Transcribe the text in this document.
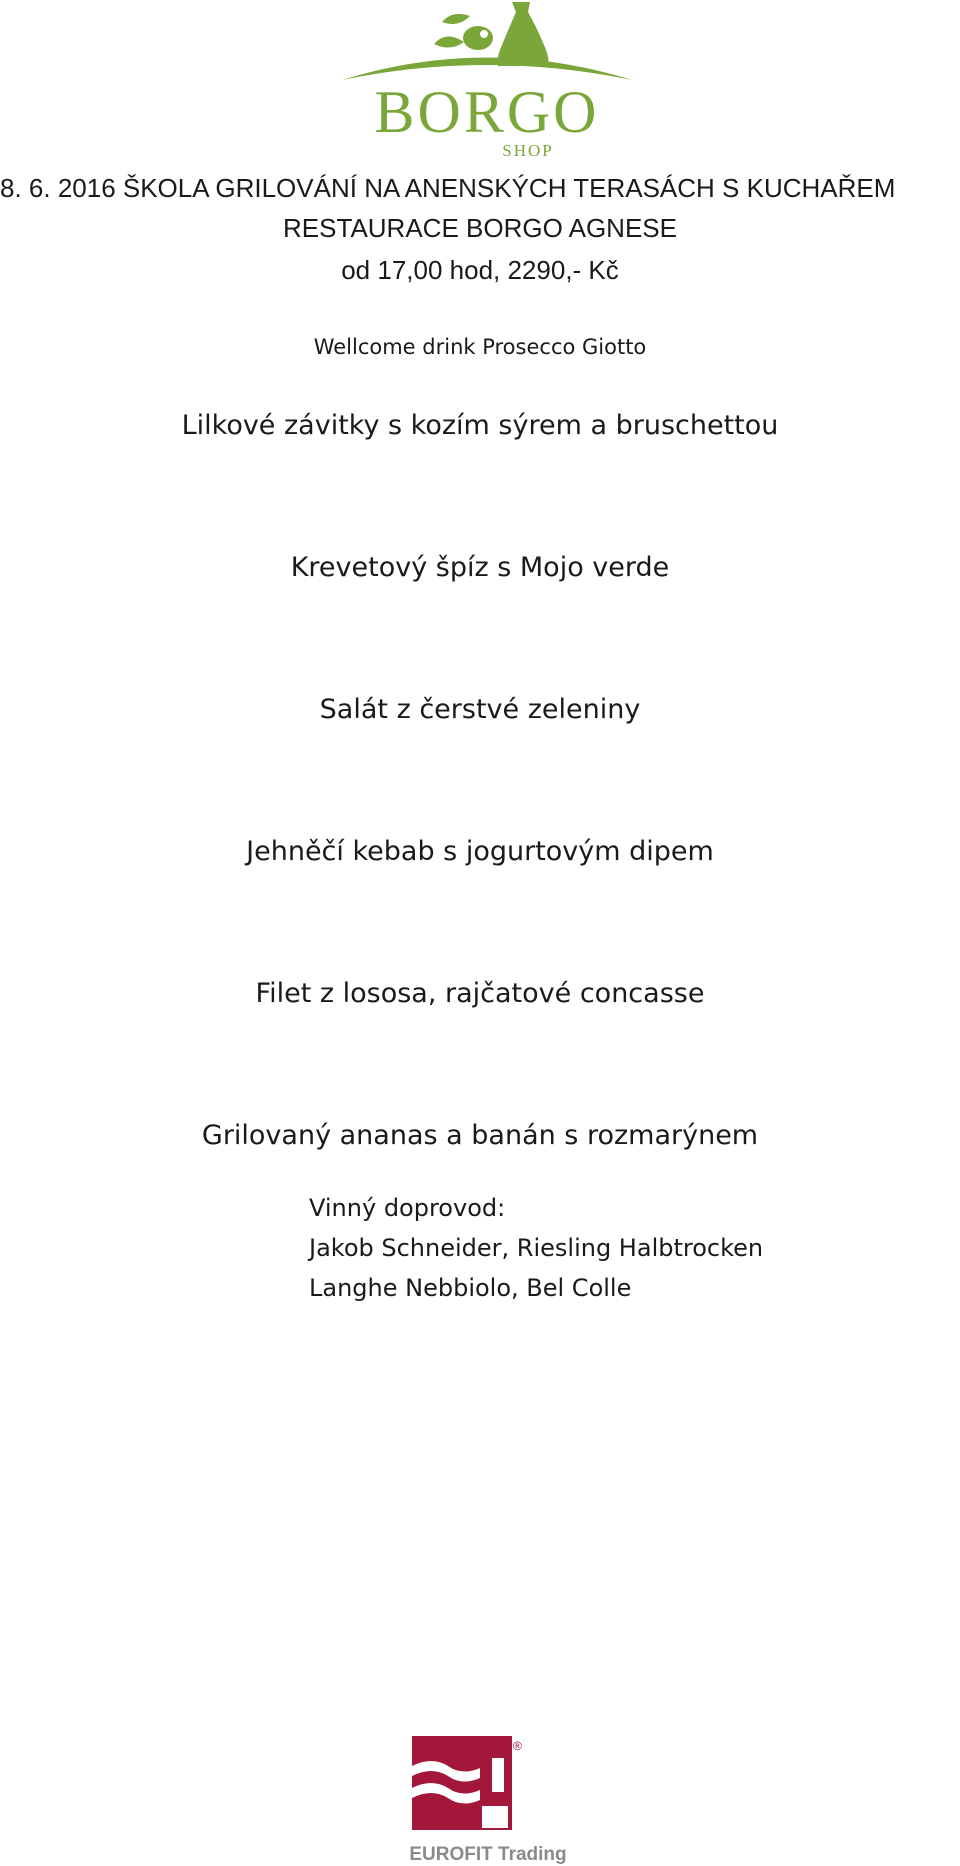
BORGO
SHOP
8. 6. 2016 ŠKOLA GRILOVÁNÍ NA ANENSKÝCH TERASÁCH S KUCHAŘEM
RESTAURACE BORGO AGNESE
od 17,00 hod, 2290,- Kč
Wellcome drink Prosecco Giotto
Lilkové závitky s kozím sýrem a bruschettou
Krevetový špíz s Mojo verde
Salát z čerstvé zeleniny
Jehněčí kebab s jogurtovým dipem
Filet z lososa, rajčatové concasse
Grilovaný ananas a banán s rozmarýnem
Vinný doprovod:
Jakob Schneider, Riesling Halbtrocken
Langhe Nebbiolo, Bel Colle
®
EUROFIT Trading
